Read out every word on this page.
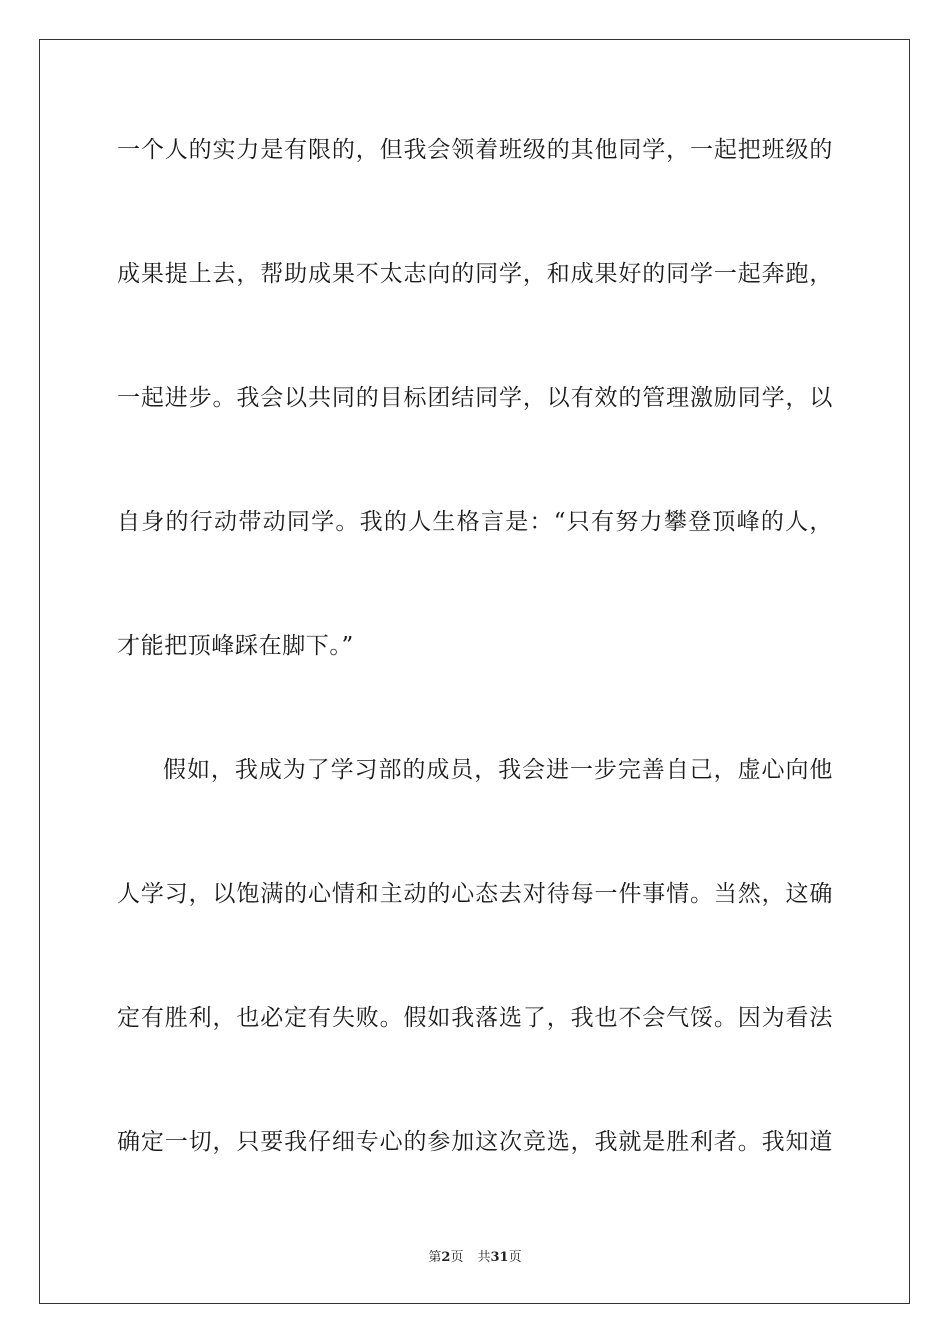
一个人的实力是有限的，但我会领着班级的其他同学，一起把班级的
成果提上去，帮助成果不太志向的同学，和成果好的同学一起奔跑，
一起进步。我会以共同的目标团结同学，以有效的管理激励同学，以
自身的行动带动同学。我的人生格言是：“只有努力攀登顶峰的人，
才能把顶峰踩在脚下。”
假如，我成为了学习部的成员，我会进一步完善自己，虚心向他
人学习，以饱满的心情和主动的心态去对待每一件事情。当然，这确
定有胜利，也必定有失败。假如我落选了，我也不会气馁。因为看法
确定一切，只要我仔细专心的参加这次竞选，我就是胜利者。我知道
第2页 共31页
